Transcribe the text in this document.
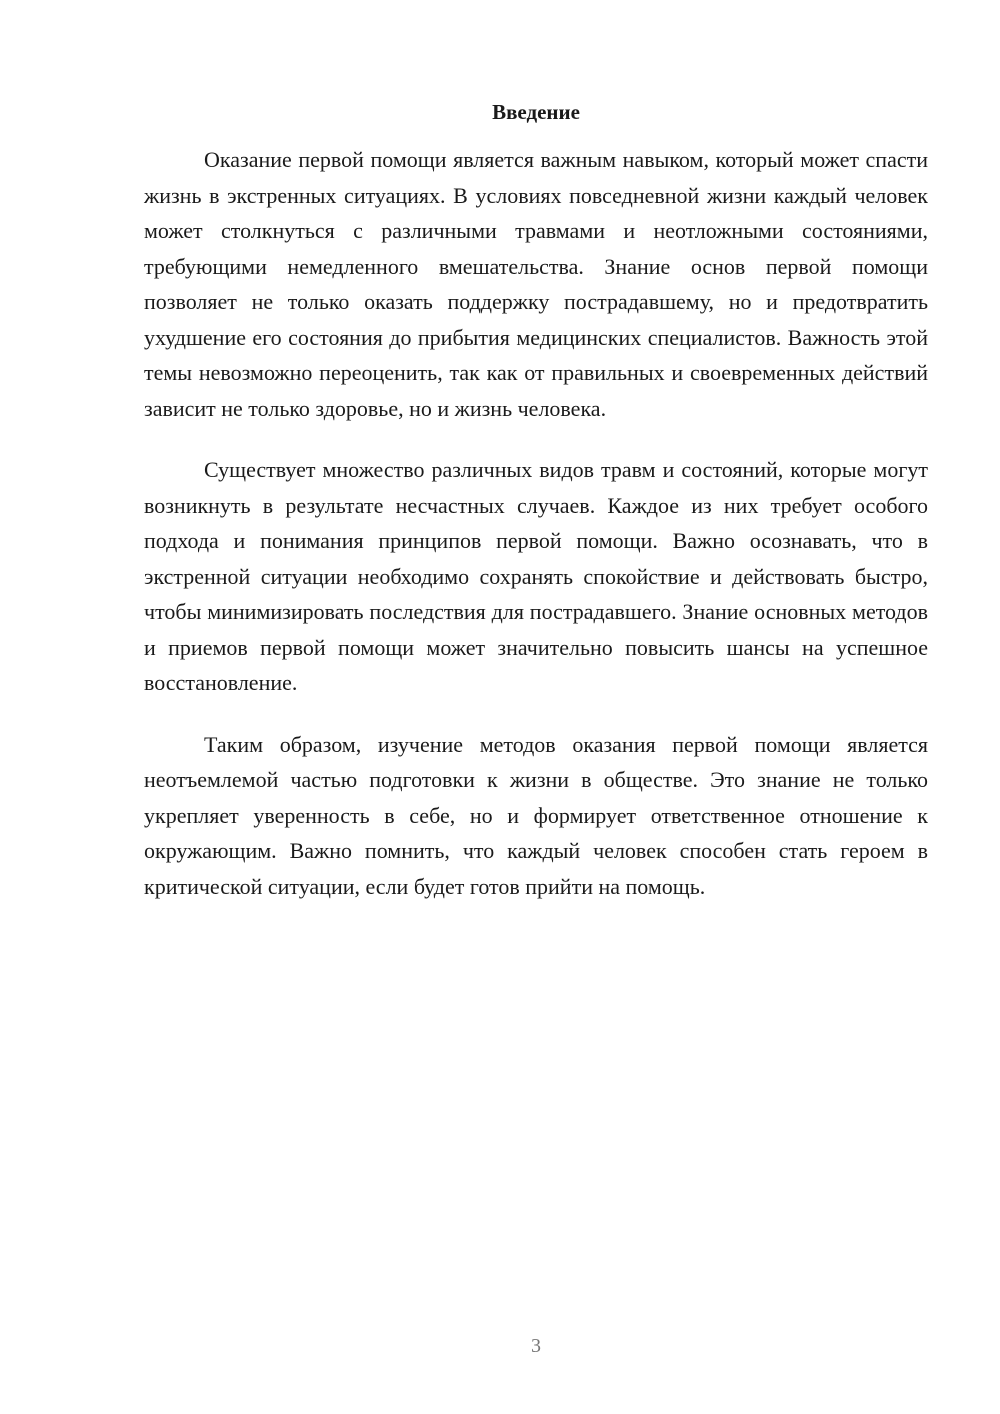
Введение

Оказание первой помощи является важным навыком, который может спасти жизнь в экстренных ситуациях. В условиях повседневной жизни каждый человек может столкнуться с различными травмами и неотложными состояниями, требующими немедленного вмешательства. Знание основ первой помощи позволяет не только оказать поддержку пострадавшему, но и предотвратить ухудшение его состояния до прибытия медицинских специалистов. Важность этой темы невозможно переоценить, так как от правильных и своевременных действий зависит не только здоровье, но и жизнь человека.

Существует множество различных видов травм и состояний, которые могут возникнуть в результате несчастных случаев. Каждое из них требует особого подхода и понимания принципов первой помощи. Важно осознавать, что в экстренной ситуации необходимо сохранять спокойствие и действовать быстро, чтобы минимизировать последствия для пострадавшего. Знание основных методов и приемов первой помощи может значительно повысить шансы на успешное восстановление.

Таким образом, изучение методов оказания первой помощи является неотъемлемой частью подготовки к жизни в обществе. Это знание не только укрепляет уверенность в себе, но и формирует ответственное отношение к окружающим. Важно помнить, что каждый человек способен стать героем в критической ситуации, если будет готов прийти на помощь.

3
